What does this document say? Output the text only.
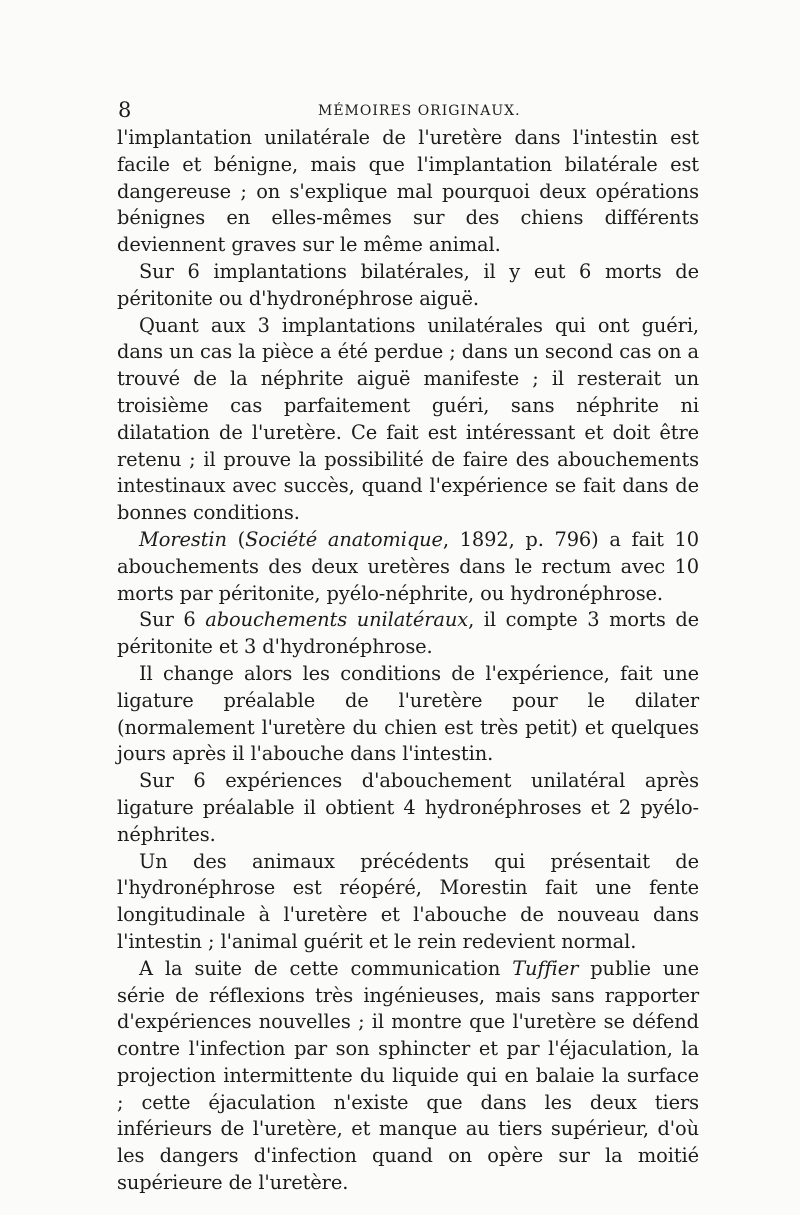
8	MÉMOIRES ORIGINAUX.

l'implantation unilatérale de l'uretère dans l'intestin est facile et bénigne, mais que l'implantation bilatérale est dangereuse ; on s'explique mal pourquoi deux opérations bénignes en elles-mêmes sur des chiens différents deviennent graves sur le même animal.

Sur 6 implantations bilatérales, il y eut 6 morts de péritonite ou d'hydronéphrose aiguë.

Quant aux 3 implantations unilatérales qui ont guéri, dans un cas la pièce a été perdue ; dans un second cas on a trouvé de la néphrite aiguë manifeste ; il resterait un troisième cas parfaitement guéri, sans néphrite ni dilatation de l'uretère. Ce fait est intéressant et doit être retenu ; il prouve la possibilité de faire des abouchements intestinaux avec succès, quand l'expérience se fait dans de bonnes conditions.

Morestin (Société anatomique, 1892, p. 796) a fait 10 abouchements des deux uretères dans le rectum avec 10 morts par péritonite, pyélo-néphrite, ou hydronéphrose.

Sur 6 abouchements unilatéraux, il compte 3 morts de péritonite et 3 d'hydronéphrose.

Il change alors les conditions de l'expérience, fait une ligature préalable de l'uretère pour le dilater (normalement l'uretère du chien est très petit) et quelques jours après il l'abouche dans l'intestin.

Sur 6 expériences d'abouchement unilatéral après ligature préalable il obtient 4 hydronéphroses et 2 pyélo-néphrites.

Un des animaux précédents qui présentait de l'hydronéphrose est réopéré, Morestin fait une fente longitudinale à l'uretère et l'abouche de nouveau dans l'intestin ; l'animal guérit et le rein redevient normal.

A la suite de cette communication Tuffier publie une série de réflexions très ingénieuses, mais sans rapporter d'expériences nouvelles ; il montre que l'uretère se défend contre l'infection par son sphincter et par l'éjaculation, la projection intermittente du liquide qui en balaie la surface ; cette éjaculation n'existe que dans les deux tiers inférieurs de l'uretère, et manque au tiers supérieur, d'où les dangers d'infection quand on opère sur la moitié supérieure de l'uretère.
